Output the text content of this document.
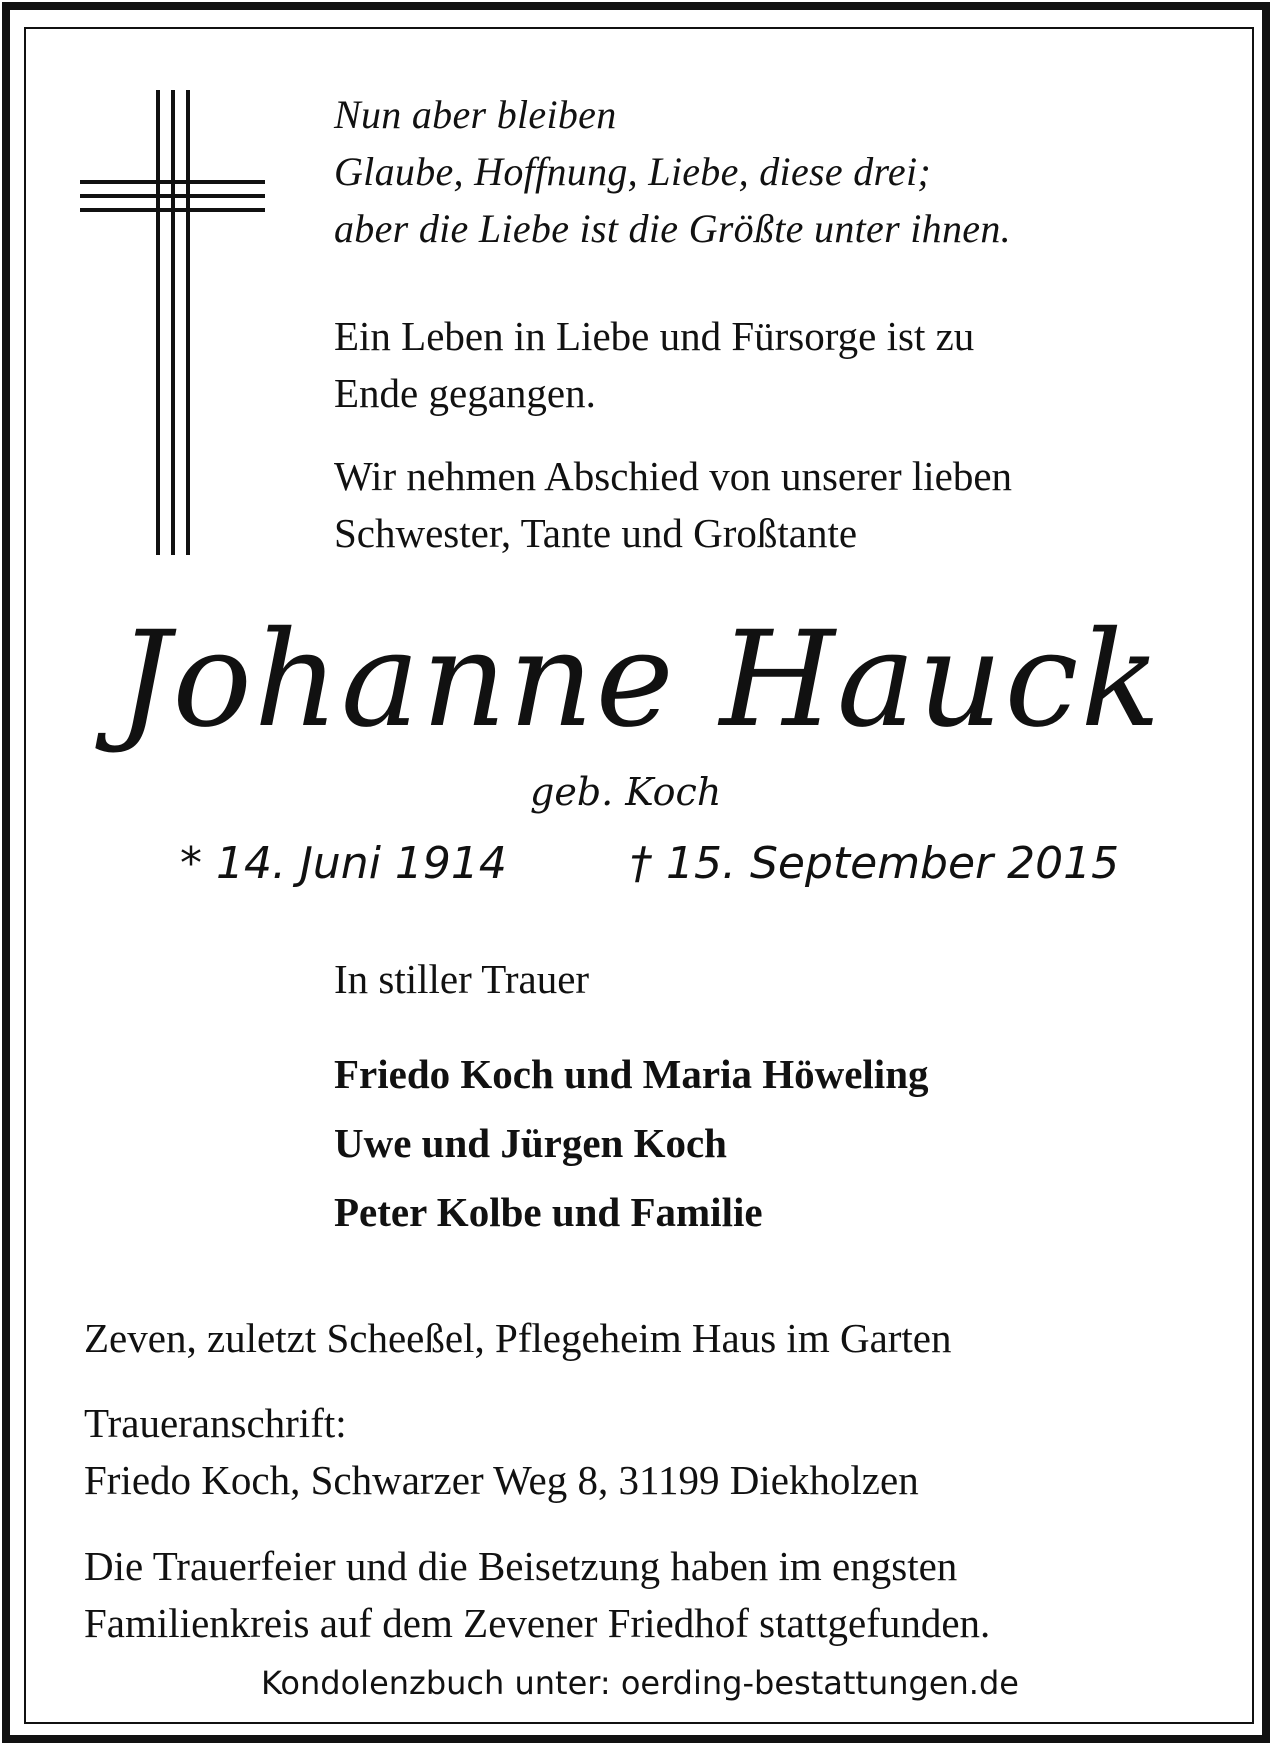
Nun aber bleiben
Glaube, Hoffnung, Liebe, diese drei;
aber die Liebe ist die Größte unter ihnen.
Ein Leben in Liebe und Fürsorge ist zu
Ende gegangen.
Wir nehmen Abschied von unserer lieben
Schwester, Tante und Großtante
Johanne Hauck
geb. Koch
* 14. Juni 1914	† 15. September 2015
In stiller Trauer
Friedo Koch und Maria Höweling
Uwe und Jürgen Koch
Peter Kolbe und Familie
Zeven, zuletzt Scheeßel, Pflegeheim Haus im Garten
Traueranschrift:
Friedo Koch, Schwarzer Weg 8, 31199 Diekholzen
Die Trauerfeier und die Beisetzung haben im engsten
Familienkreis auf dem Zevener Friedhof stattgefunden.
Kondolenzbuch unter: oerding-bestattungen.de
